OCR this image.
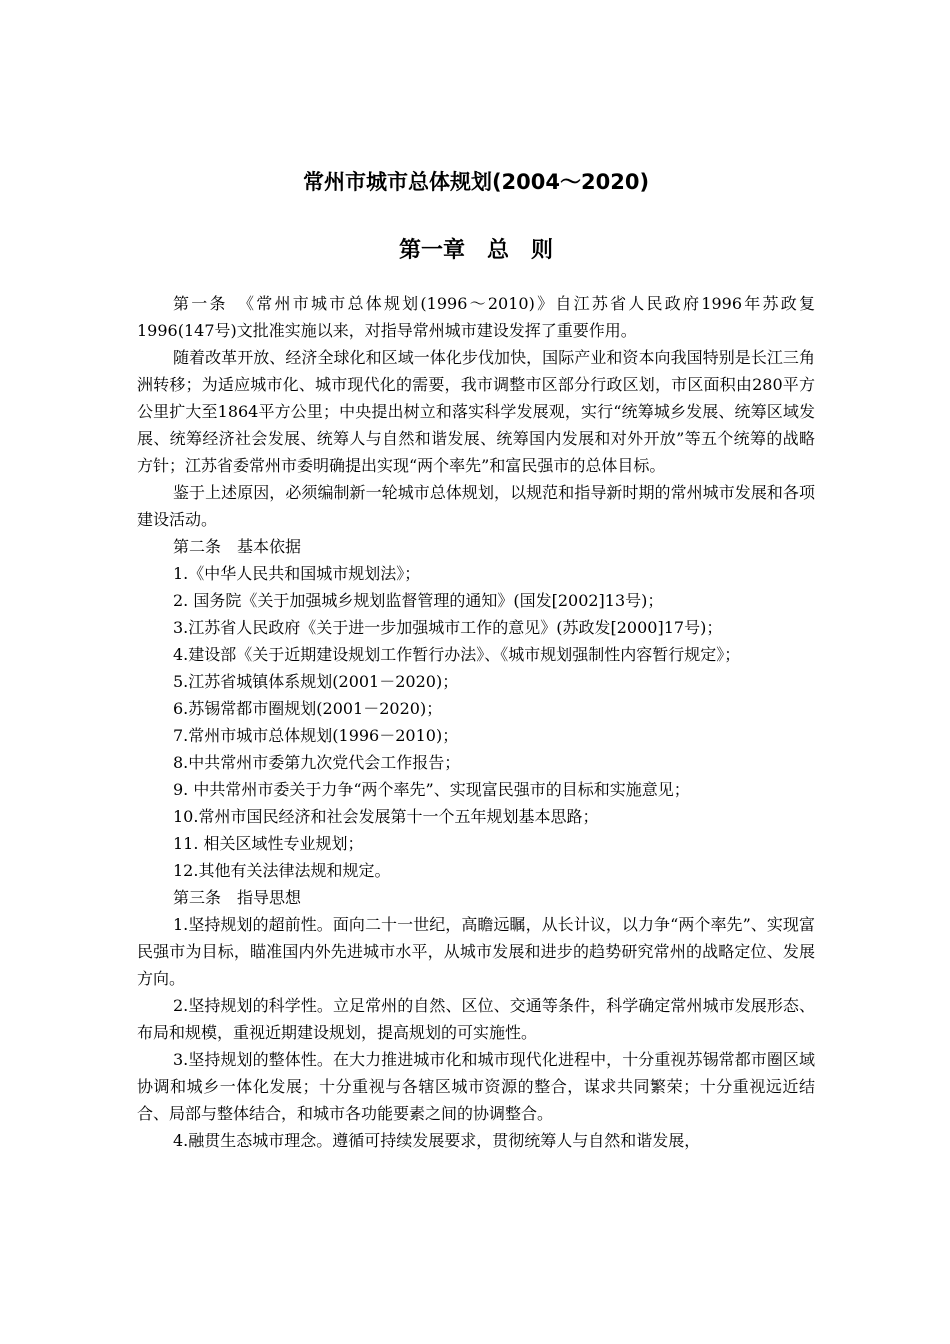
常州市城市总体规划(2004～2020)
第一章　总　则

第一条　《常州市城市总体规划(1996～2010)》自江苏省人民政府1996年苏政复1996(147号)文批准实施以来，对指导常州城市建设发挥了重要作用。

随着改革开放、经济全球化和区域一体化步伐加快，国际产业和资本向我国特别是长江三角洲转移；为适应城市化、城市现代化的需要，我市调整市区部分行政区划，市区面积由280平方公里扩大至1864平方公里；中央提出树立和落实科学发展观，实行“统筹城乡发展、统筹区域发展、统筹经济社会发展、统筹人与自然和谐发展、统筹国内发展和对外开放”等五个统筹的战略方针；江苏省委常州市委明确提出实现“两个率先”和富民强市的总体目标。

鉴于上述原因，必须编制新一轮城市总体规划，以规范和指导新时期的常州城市发展和各项建设活动。

第二条　基本依据

1.《中华人民共和国城市规划法》；

2. 国务院《关于加强城乡规划监督管理的通知》(国发[2002]13号)；

3.江苏省人民政府《关于进一步加强城市工作的意见》(苏政发[2000]17号)；

4.建设部《关于近期建设规划工作暂行办法》、《城市规划强制性内容暂行规定》；

5.江苏省城镇体系规划(2001－2020)；

6.苏锡常都市圈规划(2001－2020)；

7.常州市城市总体规划(1996－2010)；

8.中共常州市委第九次党代会工作报告；

9. 中共常州市委关于力争“两个率先”、实现富民强市的目标和实施意见；

10.常州市国民经济和社会发展第十一个五年规划基本思路；

11. 相关区域性专业规划；

12.其他有关法律法规和规定。

第三条　指导思想

1.坚持规划的超前性。面向二十一世纪，高瞻远瞩，从长计议，以力争“两个率先”、实现富民强市为目标，瞄准国内外先进城市水平，从城市发展和进步的趋势研究常州的战略定位、发展方向。

2.坚持规划的科学性。立足常州的自然、区位、交通等条件，科学确定常州城市发展形态、布局和规模，重视近期建设规划，提高规划的可实施性。

3.坚持规划的整体性。在大力推进城市化和城市现代化进程中，十分重视苏锡常都市圈区域协调和城乡一体化发展；十分重视与各辖区城市资源的整合，谋求共同繁荣；十分重视远近结合、局部与整体结合，和城市各功能要素之间的协调整合。

4.融贯生态城市理念。遵循可持续发展要求，贯彻统筹人与自然和谐发展，
